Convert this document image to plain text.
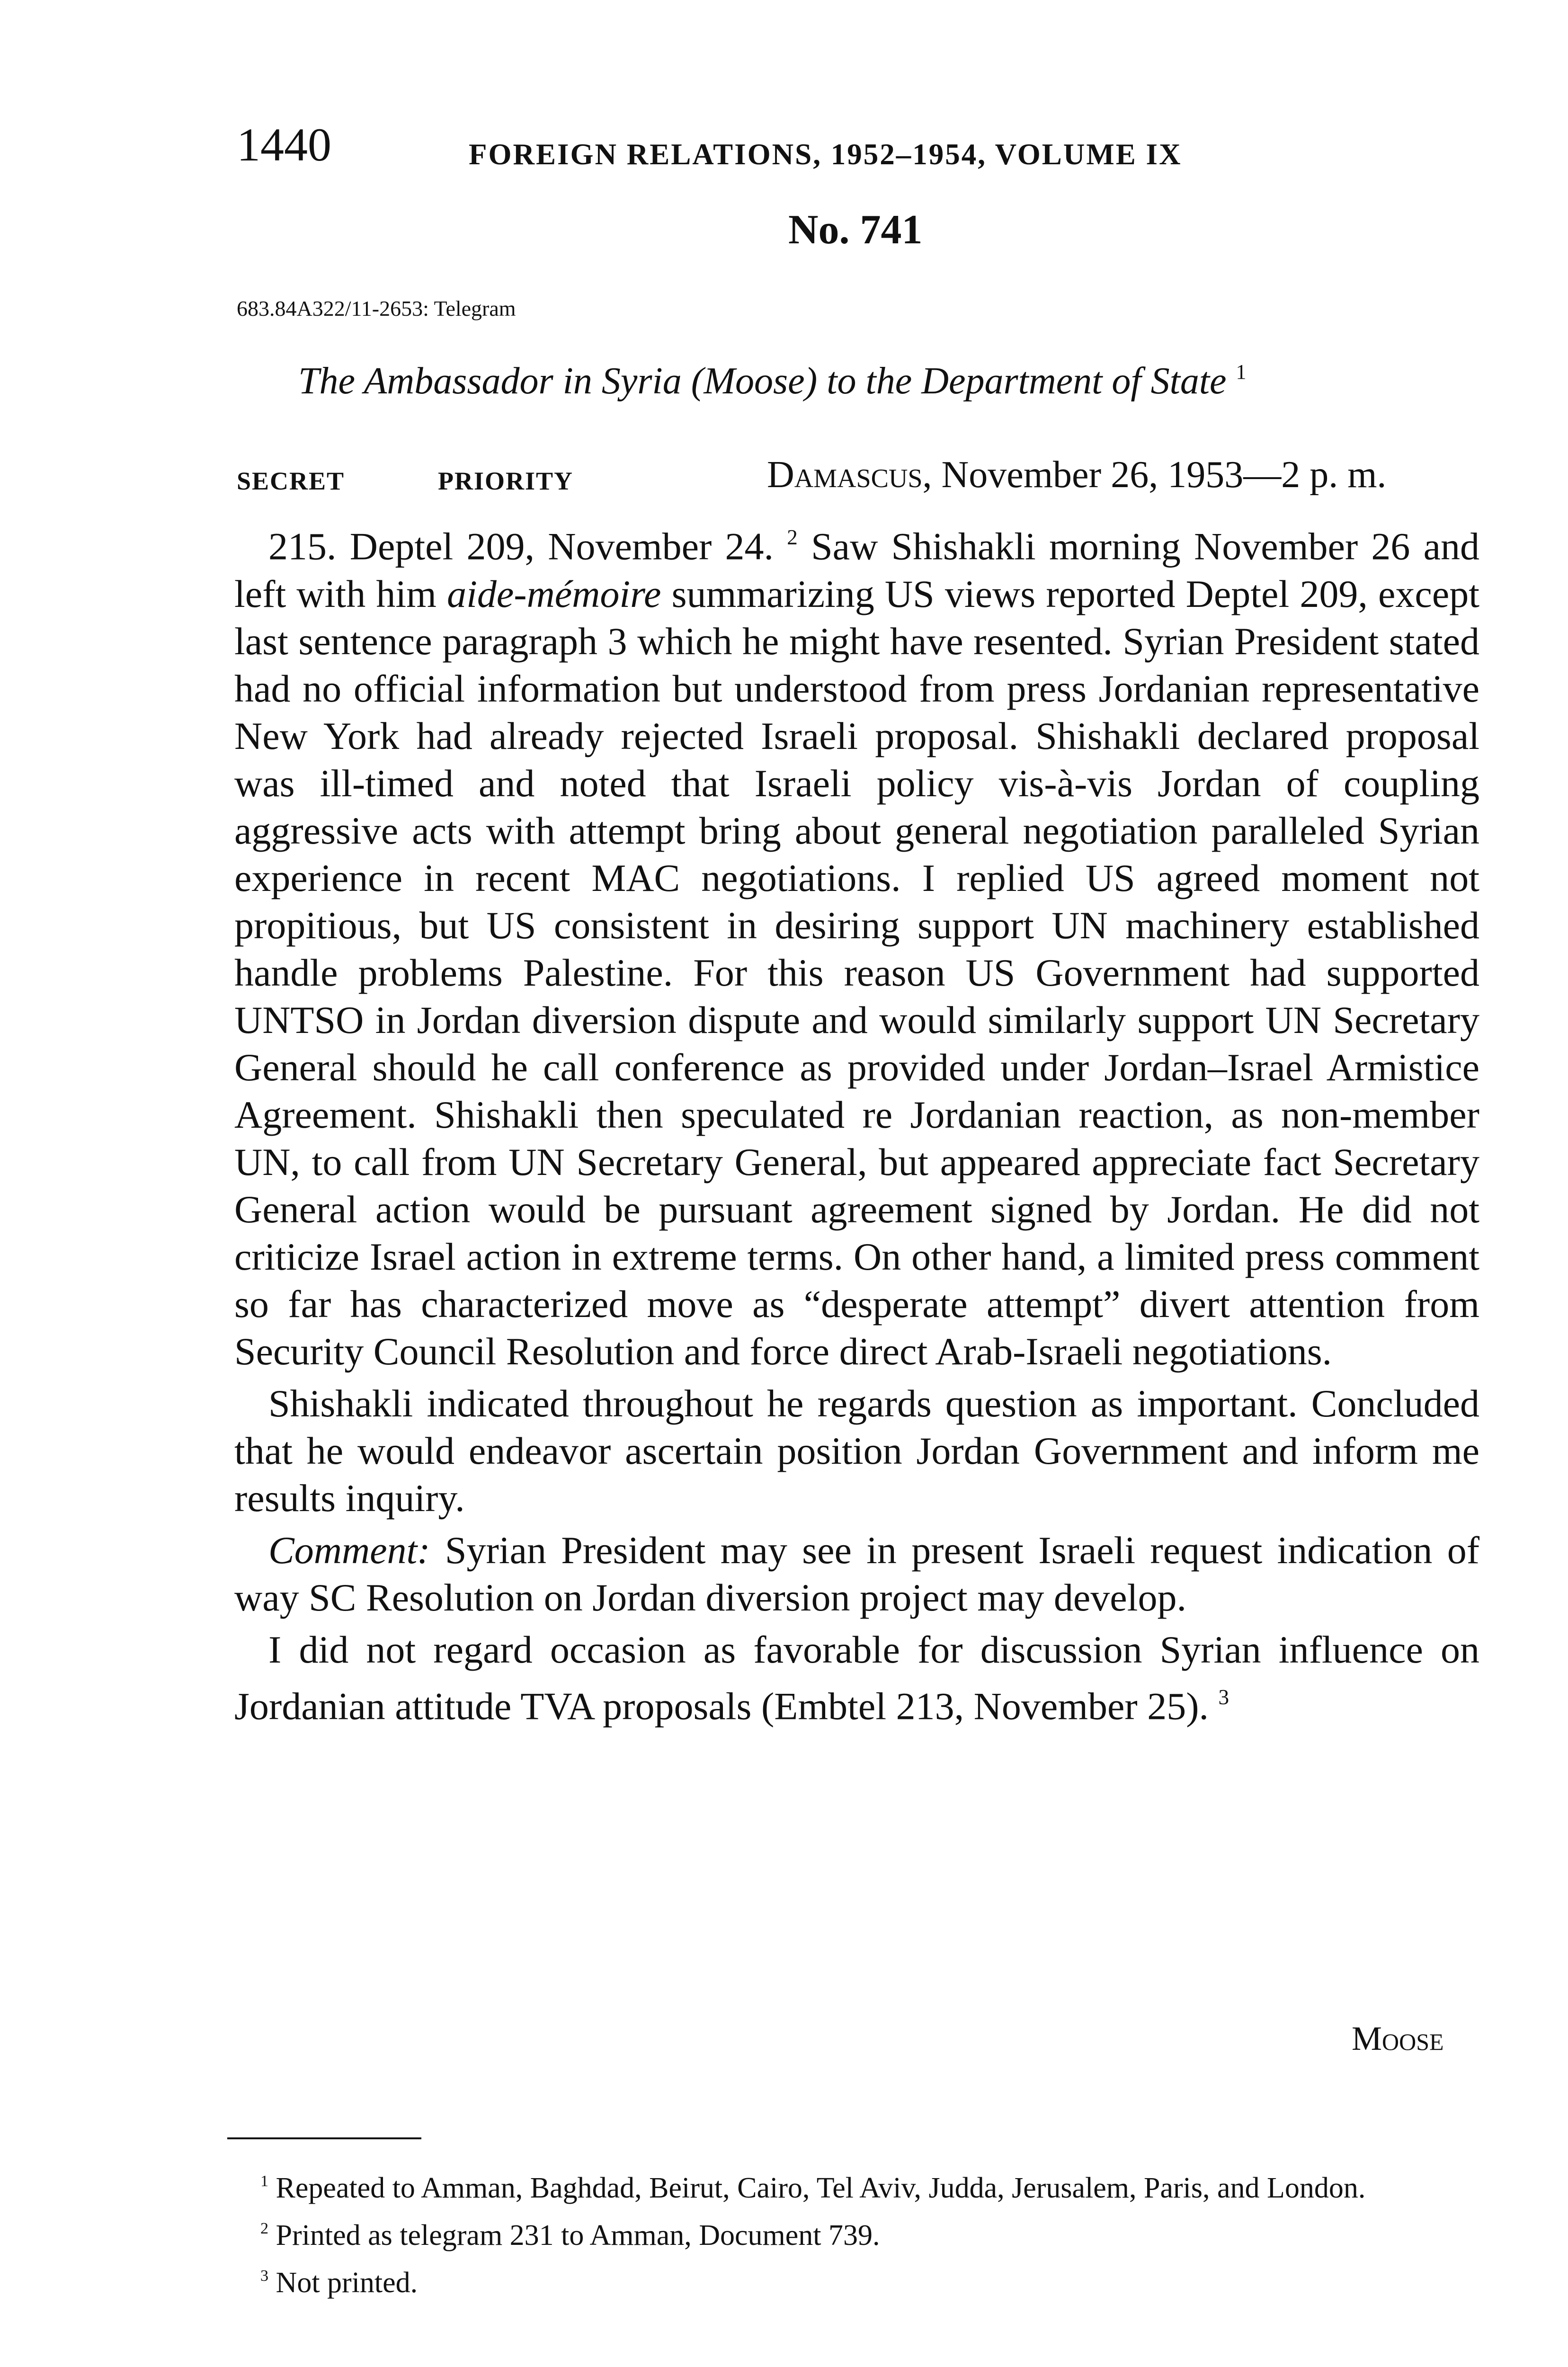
1440	FOREIGN RELATIONS, 1952–1954, VOLUME IX
No. 741
683.84A322/11-2653: Telegram
The Ambassador in Syria (Moose) to the Department of State $^1$
SECRET	PRIORITY	Damascus, November 26, 1953—2 p. m.

215. Deptel 209, November 24. $^2$ Saw Shishakli morning November 26 and left with him aide-mémoire summarizing US views reported Deptel 209, except last sentence paragraph 3 which he might have resented. Syrian President stated had no official information but understood from press Jordanian representative New York had already rejected Israeli proposal. Shishakli declared proposal was ill-timed and noted that Israeli policy vis-à-vis Jordan of coupling aggressive acts with attempt bring about general negotiation paralleled Syrian experience in recent MAC negotiations. I replied US agreed moment not propitious, but US consistent in desiring support UN machinery established handle problems Palestine. For this reason US Government had supported UNTSO in Jordan diversion dispute and would similarly support UN Secretary General should he call conference as provided under Jordan–Israel Armistice Agreement. Shishakli then speculated re Jordanian reaction, as non-member UN, to call from UN Secretary General, but appeared appreciate fact Secretary General action would be pursuant agreement signed by Jordan. He did not criticize Israel action in extreme terms. On other hand, a limited press comment so far has characterized move as “desperate attempt” divert attention from Security Council Resolution and force direct Arab-Israeli negotiations.

Shishakli indicated throughout he regards question as important. Concluded that he would endeavor ascertain position Jordan Government and inform me results inquiry.

Comment: Syrian President may see in present Israeli request indication of way SC Resolution on Jordan diversion project may develop.

I did not regard occasion as favorable for discussion Syrian influence on Jordanian attitude TVA proposals (Embtel 213, November 25). $^3$

Moose

$^1$ Repeated to Amman, Baghdad, Beirut, Cairo, Tel Aviv, Judda, Jerusalem, Paris, and London.

$^2$ Printed as telegram 231 to Amman, Document 739.

$^3$ Not printed.
